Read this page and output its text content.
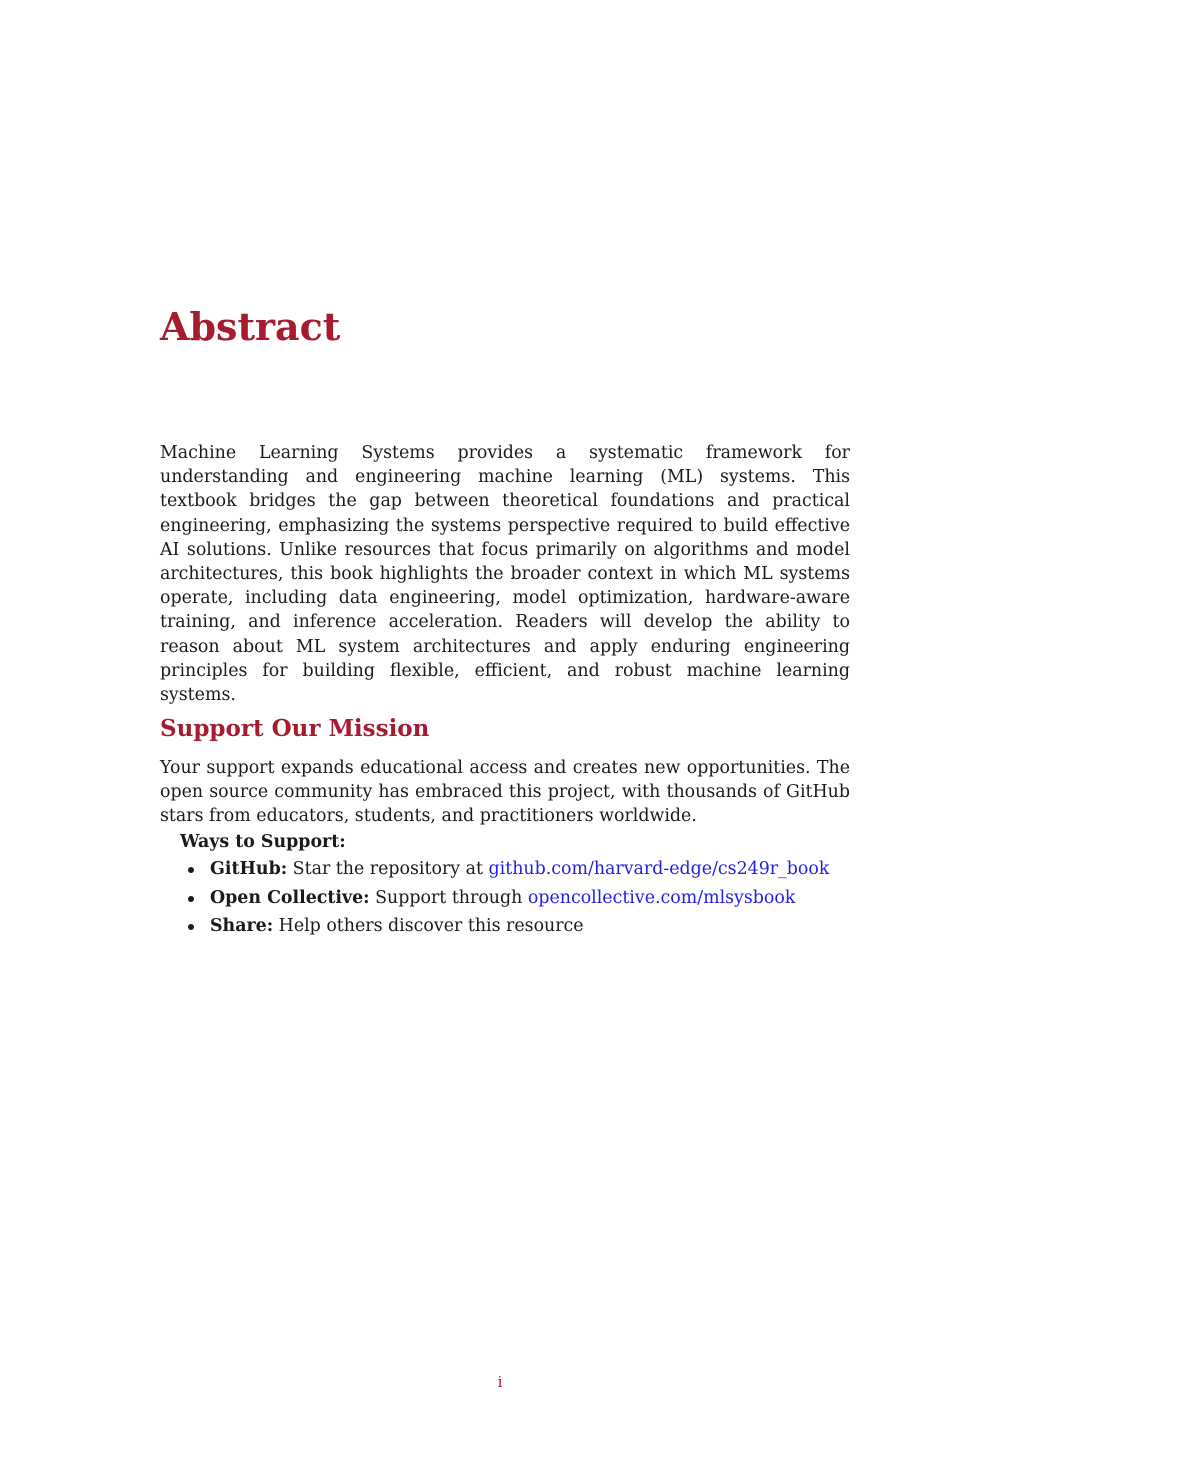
Abstract

Machine Learning Systems provides a systematic framework for understanding and engineering machine learning (ML) systems. This textbook bridges the gap between theoretical foundations and practical engineering, emphasizing the systems perspective required to build effective AI solutions. Unlike resources that focus primarily on algorithms and model architectures, this book highlights the broader context in which ML systems operate, including data engineering, model optimization, hardware-aware training, and inference acceleration. Readers will develop the ability to reason about ML system architectures and apply enduring engineering principles for building flexible, efficient, and robust machine learning systems.

Support Our Mission

Your support expands educational access and creates new opportunities. The open source community has embraced this project, with thousands of GitHub stars from educators, students, and practitioners worldwide.

Ways to Support:

GitHub: Star the repository at github.com/harvard-edge/cs249r_book
Open Collective: Support through opencollective.com/mlsysbook
Share: Help others discover this resource
i
